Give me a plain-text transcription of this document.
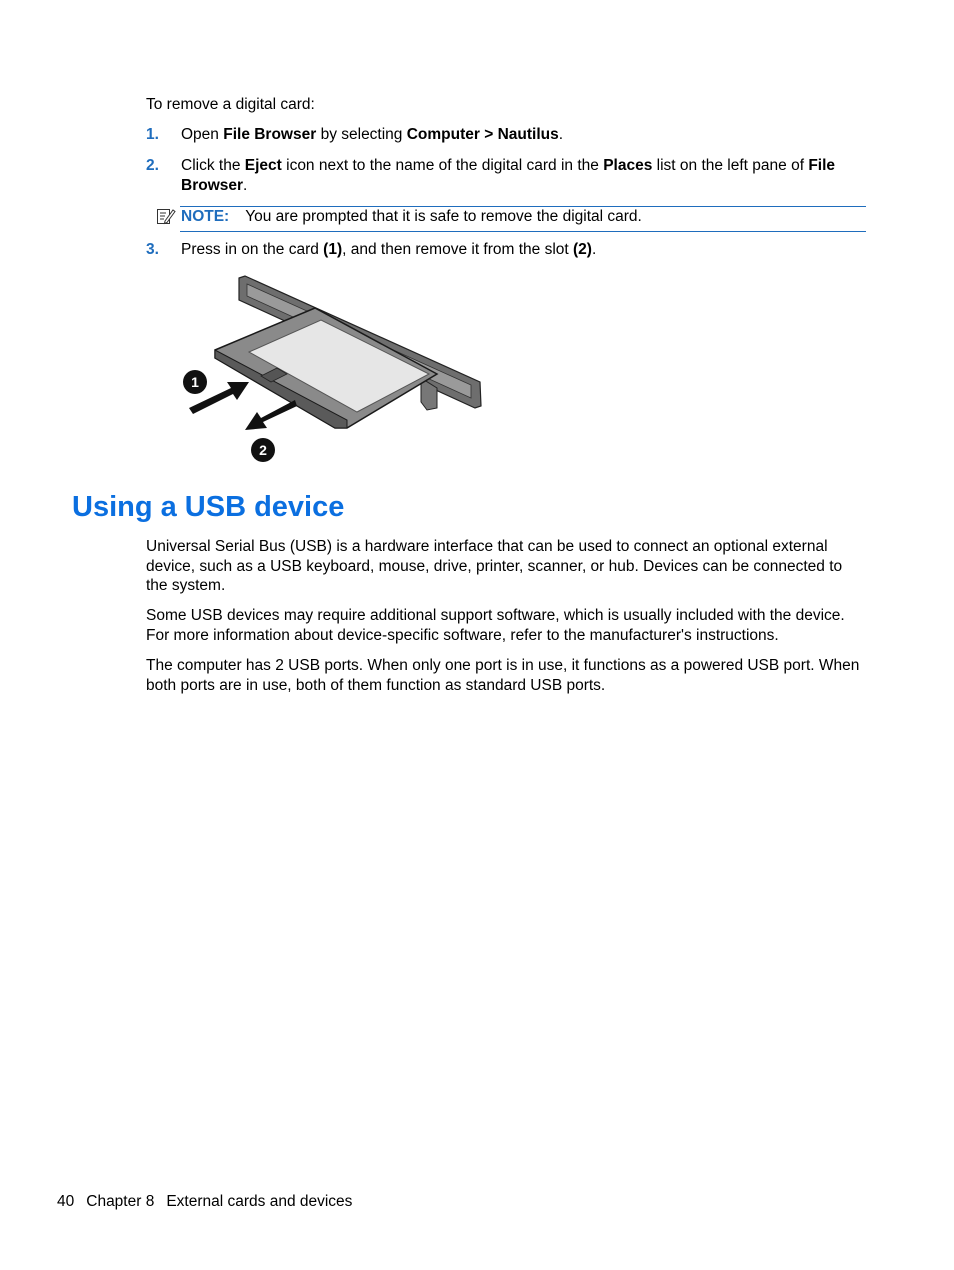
To remove a digital card:

1. Open File Browser by selecting Computer > Nautilus.

2. Click the Eject icon next to the name of the digital card in the Places list on the left pane of File Browser.

NOTE: You are prompted that it is safe to remove the digital card.

3. Press in on the card (1), and then remove it from the slot (2).

1
2
Using a USB device

Universal Serial Bus (USB) is a hardware interface that can be used to connect an optional external device, such as a USB keyboard, mouse, drive, printer, scanner, or hub. Devices can be connected to the system.

Some USB devices may require additional support software, which is usually included with the device. For more information about device-specific software, refer to the manufacturer's instructions.

The computer has 2 USB ports. When only one port is in use, it functions as a powered USB port. When both ports are in use, both of them function as standard USB ports.

40 Chapter 8 External cards and devices
